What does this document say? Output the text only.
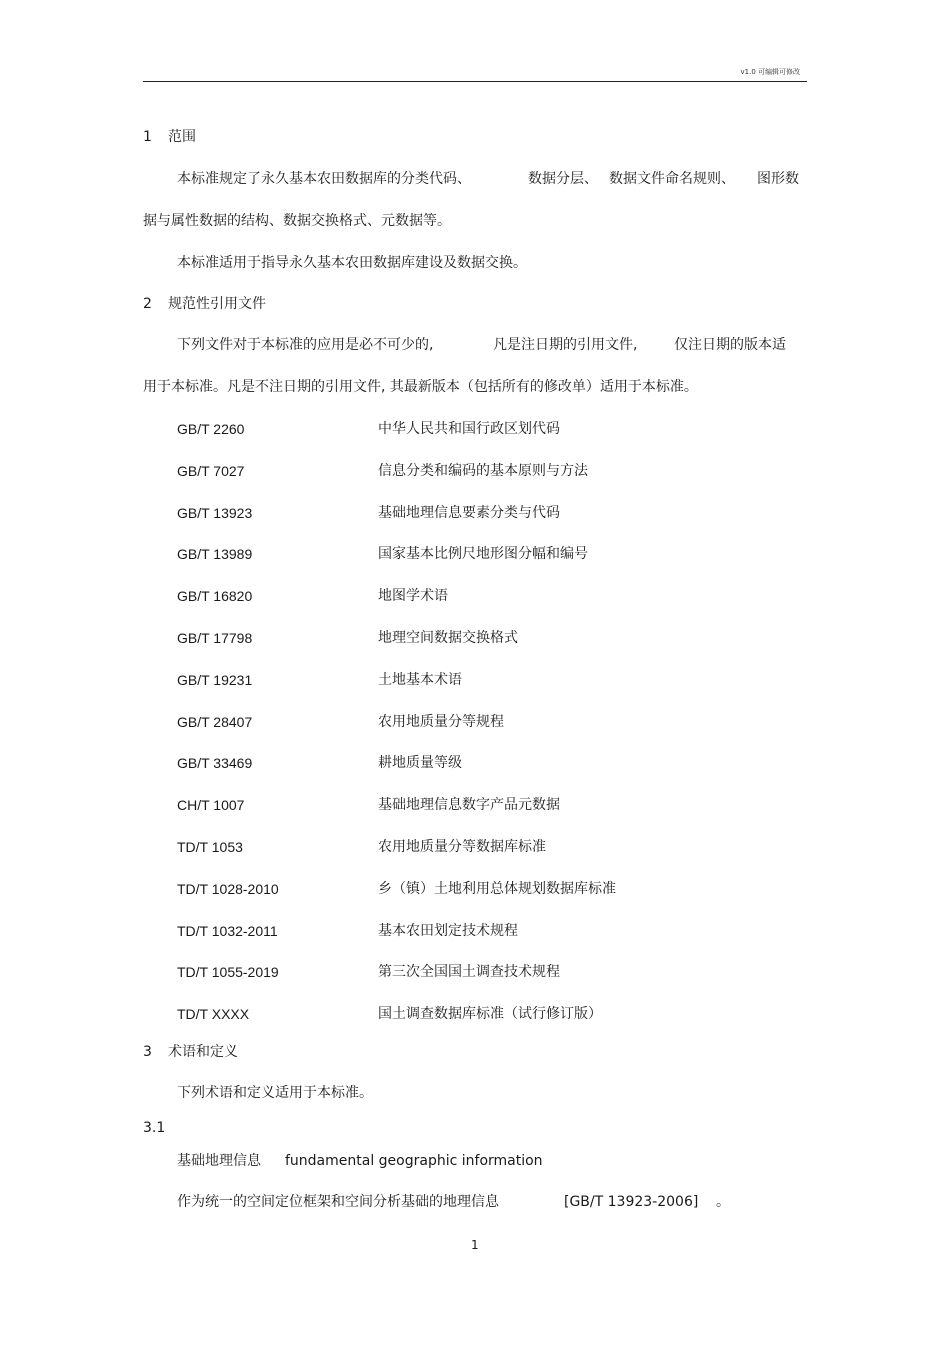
v1.0 可编辑可修改
1 范围
本标准规定了永久基本农田数据库的分类代码、	数据分层、 数据文件命名规则、 图形数
据与属性数据的结构、数据交换格式、元数据等。
本标准适用于指导永久基本农田数据库建设及数据交换。
2 规范性引用文件
下列文件对于本标准的应用是必不可少的,	凡是注日期的引用文件,	仅注日期的版本适
用于本标准。凡是不注日期的引用文件, 其最新版本（包括所有的修改单）适用于本标准。
GB/T 2260	中华人民共和国行政区划代码
GB/T 7027	信息分类和编码的基本原则与方法
GB/T 13923	基础地理信息要素分类与代码
GB/T 13989	国家基本比例尺地形图分幅和编号
GB/T 16820	地图学术语
GB/T 17798	地理空间数据交换格式
GB/T 19231	土地基本术语
GB/T 28407	农用地质量分等规程
GB/T 33469	耕地质量等级
CH/T 1007	基础地理信息数字产品元数据
TD/T 1053	农用地质量分等数据库标准
TD/T 1028-2010	乡（镇）土地利用总体规划数据库标准
TD/T 1032-2011	基本农田划定技术规程
TD/T 1055-2019	第三次全国国土调查技术规程
TD/T XXXX	国土调查数据库标准（试行修订版）
3 术语和定义
下列术语和定义适用于本标准。
3.1
基础地理信息 fundamental geographic information
作为统一的空间定位框架和空间分析基础的地理信息	[GB/T 13923-2006] 。
1
